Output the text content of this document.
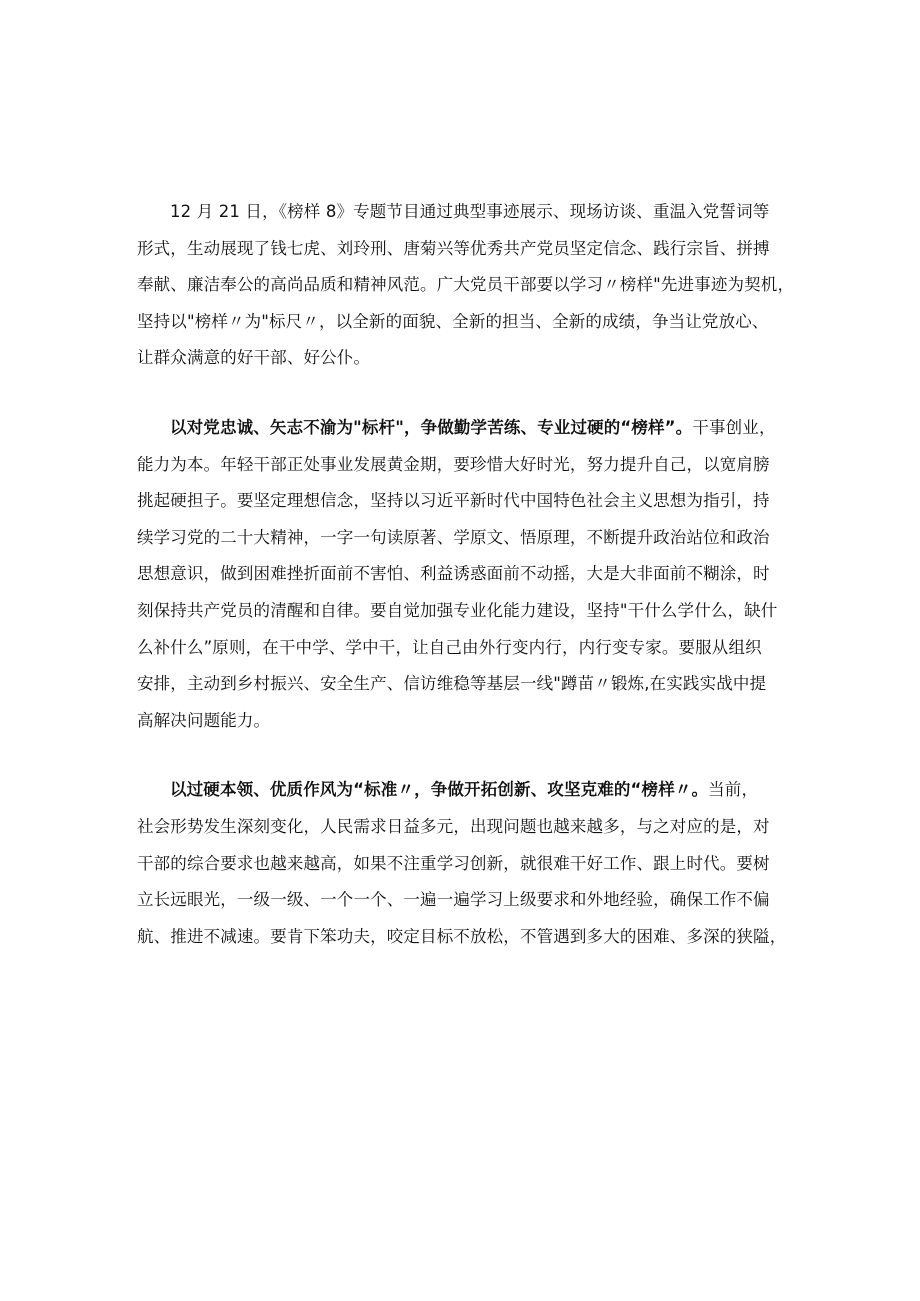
12 月 21 日，《榜样 8》专题节目通过典型事迹展示、现场访谈、重温入党誓词等
形式，生动展现了钱七虎、刘玲刑、唐菊兴等优秀共产党员坚定信念、践行宗旨、拼搏
奉献、廉洁奉公的高尚品质和精神风范。广大党员干部要以学习〃榜样"先进事迹为契机，
坚持以"榜样〃为"标尺〃，以全新的面貌、全新的担当、全新的成绩，争当让党放心、
让群众满意的好干部、好公仆。

以对党忠诚、矢志不渝为"标杆"，争做勤学苦练、专业过硬的“榜样”。干事创业，
能力为本。年轻干部正处事业发展黄金期，要珍惜大好时光，努力提升自己，以宽肩膀
挑起硬担子。要坚定理想信念，坚持以习近平新时代中国特色社会主义思想为指引，持
续学习党的二十大精神，一字一句读原著、学原文、悟原理，不断提升政治站位和政治
思想意识，做到困难挫折面前不害怕、利益诱惑面前不动摇，大是大非面前不糊涂，时
刻保持共产党员的清醒和自律。要自觉加强专业化能力建设，坚持"干什么学什么，缺什
么补什么”原则，在干中学、学中干，让自己由外行变内行，内行变专家。要服从组织
安排，主动到乡村振兴、安全生产、信访维稳等基层一线"蹲苗〃锻炼,在实践实战中提
高解决问题能力。

以过硬本领、优质作风为“标准〃，争做开拓创新、攻坚克难的“榜样〃。当前，
社会形势发生深刻变化，人民需求日益多元，出现问题也越来越多，与之对应的是，对
干部的综合要求也越来越高，如果不注重学习创新，就很难干好工作、跟上时代。要树
立长远眼光，一级一级、一个一个、一遍一遍学习上级要求和外地经验，确保工作不偏
航、推进不减速。要肯下笨功夫，咬定目标不放松，不管遇到多大的困难、多深的狭隘，
